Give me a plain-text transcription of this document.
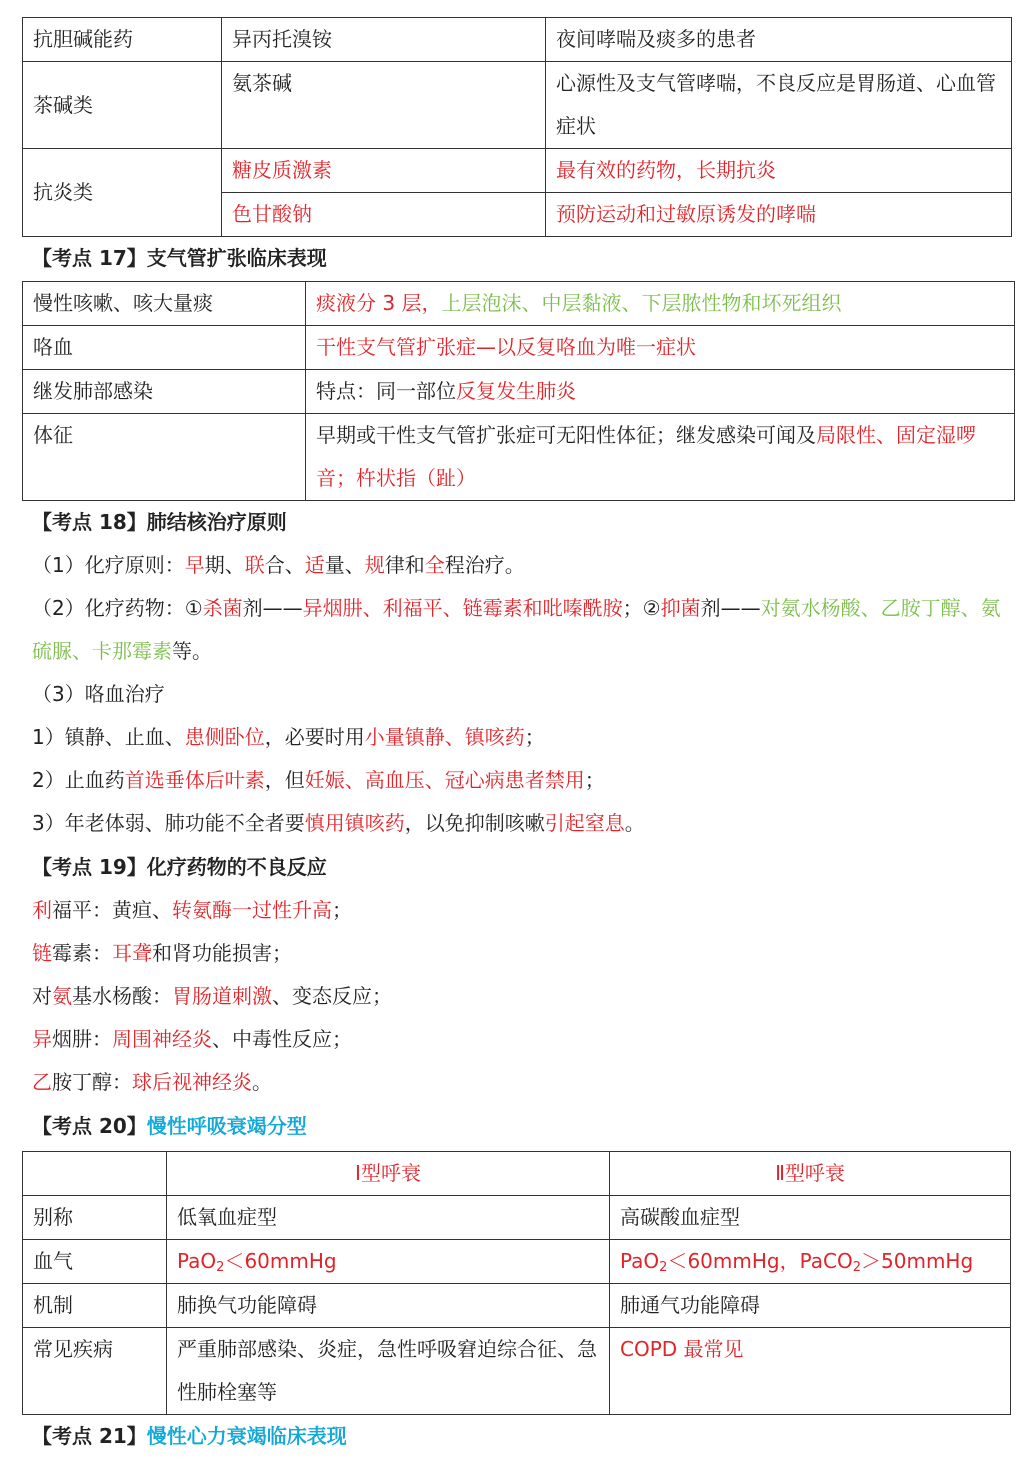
抗胆碱能药	异丙托溴铵	夜间哮喘及痰多的患者
茶碱类	氨茶碱	心源性及支气管哮喘，不良反应是胃肠道、心血管症状
抗炎类	糖皮质激素	最有效的药物，长期抗炎
	色甘酸钠	预防运动和过敏原诱发的哮喘
【考点 17】支气管扩张临床表现
慢性咳嗽、咳大量痰	痰液分 3 层，上层泡沫、中层黏液、下层脓性物和坏死组织
咯血	干性支气管扩张症—以反复咯血为唯一症状
继发肺部感染	特点：同一部位反复发生肺炎
体征	早期或干性支气管扩张症可无阳性体征；继发感染可闻及局限性、固定湿啰音；杵状指（趾）
【考点 18】肺结核治疗原则
（1）化疗原则：早期、联合、适量、规律和全程治疗。
（2）化疗药物：①杀菌剂——异烟肼、利福平、链霉素和吡嗪酰胺；②抑菌剂——对氨水杨酸、乙胺丁醇、氨硫脲、卡那霉素等。
（3）咯血治疗
1）镇静、止血、患侧卧位，必要时用小量镇静、镇咳药；
2）止血药首选垂体后叶素，但妊娠、高血压、冠心病患者禁用；
3）年老体弱、肺功能不全者要慎用镇咳药，以免抑制咳嗽引起窒息。
【考点 19】化疗药物的不良反应
利福平：黄疸、转氨酶一过性升高；
链霉素：耳聋和肾功能损害；
对氨基水杨酸：胃肠道刺激、变态反应；
异烟肼：周围神经炎、中毒性反应；
乙胺丁醇：球后视神经炎。
【考点 20】慢性呼吸衰竭分型
	Ⅰ型呼衰	Ⅱ型呼衰
别称	低氧血症型	高碳酸血症型
血气	PaO$_2$＜60mmHg	PaO$_2$＜60mmHg，PaCO$_2$＞50mmHg
机制	肺换气功能障碍	肺通气功能障碍
常见疾病	严重肺部感染、炎症，急性呼吸窘迫综合征、急性肺栓塞等	COPD 最常见
【考点 21】慢性心力衰竭临床表现
